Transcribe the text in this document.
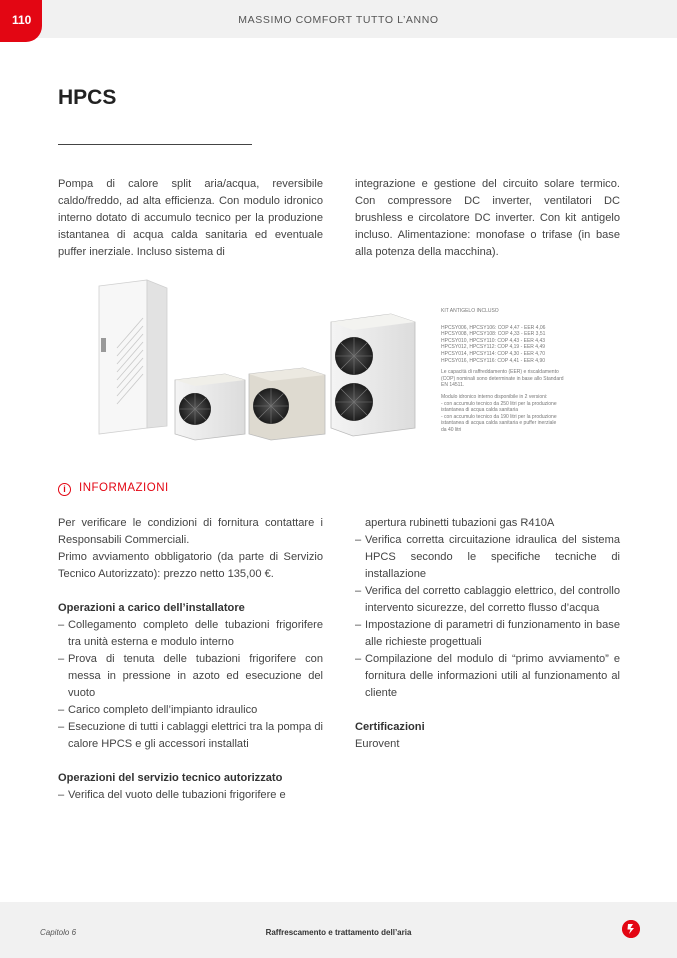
110	MASSIMO COMFORT TUTTO L’ANNO
HPCS

Pompa di calore split aria/acqua, reversibile caldo/freddo, ad alta efficienza. Con modulo idronico interno dotato di accumulo tecnico per la produzione istantanea di acqua calda sanitaria ed eventuale puffer inerziale. Incluso sistema di

integrazione e gestione del circuito solare termico. Con compressore DC inverter, ventilatori DC brushless e circolatore DC inverter. Con kit antigelo incluso. Alimentazione: monofase o trifase (in base alla potenza della macchina).

KIT ANTIGELO INCLUSO
HPCSY006, HPCSY106: COP 4,47 - EER 4,06
HPCSY008, HPCSY108: COP 4,33 - EER 3,51
HPCSY010, HPCSY110: COP 4,43 - EER 4,43
HPCSY012, HPCSY112: COP 4,19 - EER 4,49
HPCSY014, HPCSY114: COP 4,30 - EER 4,70
HPCSY016, HPCSY116: COP 4,41 - EER 4,90
Le capacità di raffreddamento (EER) e riscaldamento
(COP) nominali sono determinate in base allo Standard
EN 14511.
Modulo idronico interno disponibile in 2 versioni:
- con accumulo tecnico da 250 litri per la produzione
istantanea di acqua calda sanitaria
- con accumulo tecnico da 190 litri per la produzione
istantanea di acqua calda sanitaria e puffer inerziale
da 40 litri
i	INFORMAZIONI

Per verificare le condizioni di fornitura contattare i Responsabili Commerciali.

Primo avviamento obbligatorio (da parte di Servizio Tecnico Autorizzato): prezzo netto 135,00 €.

Operazioni a carico dell’installatore

– Collegamento completo delle tubazioni frigorifere tra unità esterna e modulo interno
– Prova di tenuta delle tubazioni frigorifere con messa in pressione in azoto ed esecuzione del vuoto
– Carico completo dell’impianto idraulico
– Esecuzione di tutti i cablaggi elettrici tra la pompa di calore HPCS e gli accessori installati

Operazioni del servizio tecnico autorizzato

– Verifica del vuoto delle tubazioni frigorifere e

apertura rubinetti tubazioni gas R410A

– Verifica corretta circuitazione idraulica del sistema HPCS secondo le specifiche tecniche di installazione
– Verifica del corretto cablaggio elettrico, del controllo intervento sicurezze, del corretto flusso d’acqua
– Impostazione di parametri di funzionamento in base alle richieste progettuali
– Compilazione del modulo di “primo avviamento” e fornitura delle informazioni utili al funzionamento al cliente

Certificazioni

Eurovent

Capitolo 6	Raffrescamento e trattamento dell’aria
